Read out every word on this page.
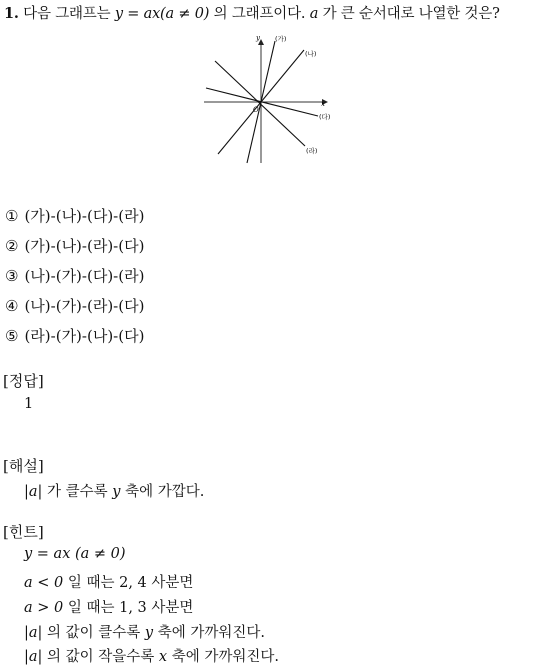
1. 다음 그래프는 y = ax(a ≠ 0) 의 그래프이다. a 가 큰 순서대로 나열한 것은?
y
x
O
(가)
(나)
(다)
(라)
① (가)-(나)-(다)-(라)
② (가)-(나)-(라)-(다)
③ (나)-(가)-(다)-(라)
④ (나)-(가)-(라)-(다)
⑤ (라)-(가)-(나)-(다)
[정답]
1
[해설]
|a| 가 클수록 y 축에 가깝다.
[힌트]
y = ax (a ≠ 0)
a < 0 일 때는 2, 4 사분면
a > 0 일 때는 1, 3 사분면
|a| 의 값이 클수록 y 축에 가까워진다.
|a| 의 값이 작을수록 x 축에 가까워진다.
